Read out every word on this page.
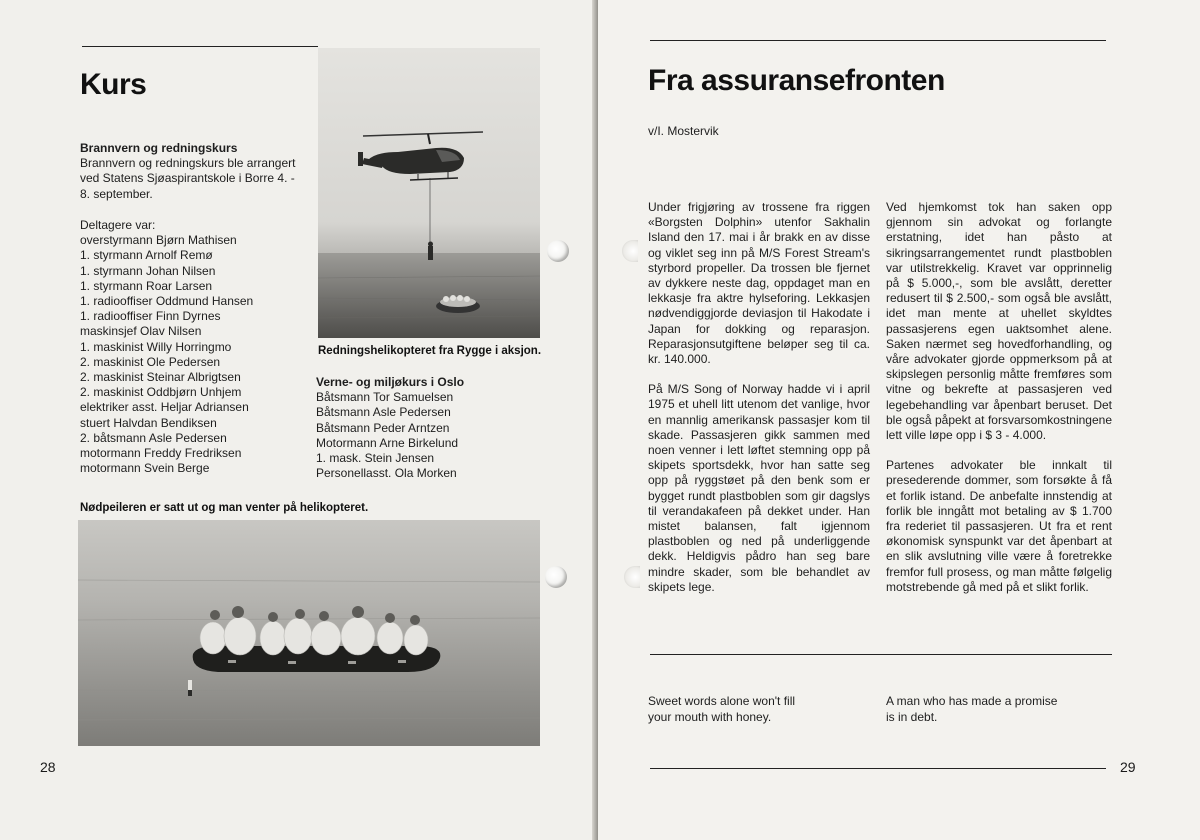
Kurs
Brannvern og redningskurs
Brannvern og redningskurs ble arrangert
ved Statens Sjøaspirantskole i Borre 4. -
8. september.
Deltagere var:
overstyrmann Bjørn Mathisen
1. styrmann Arnolf Remø
1. styrmann Johan Nilsen
1. styrmann Roar Larsen
1. radiooffiser Oddmund Hansen
1. radiooffiser Finn Dyrnes
maskinsjef Olav Nilsen
1. maskinist Willy Horringmo
2. maskinist Ole Pedersen
2. maskinist Steinar Albrigtsen
2. maskinist Oddbjørn Unhjem
elektriker asst. Heljar Adriansen
stuert Halvdan Bendiksen
2. båtsmann Asle Pedersen
motormann Freddy Fredriksen
motormann Svein Berge
Redningshelikopteret fra Rygge i aksjon.
Verne- og miljøkurs i Oslo
Båtsmann Tor Samuelsen
Båtsmann Asle Pedersen
Båtsmann Peder Arntzen
Motormann Arne Birkelund
1. mask. Stein Jensen
Personellasst. Ola Morken
Nødpeileren er satt ut og man venter på helikopteret.
28
Fra assuransefronten
v/I. Mostervik

Under frigjøring av trossene fra riggen «Borgsten Dolphin» utenfor Sakhalin Island den 17. mai i år brakk en av disse og viklet seg inn på M/S Forest Stream's styrbord propeller. Da trossen ble fjernet av dykkere neste dag, oppdaget man en lekkasje fra aktre hylseforing. Lekkasjen nødvendiggjorde deviasjon til Hakodate i Japan for dokking og reparasjon. Reparasjonsutgiftene beløper seg til ca. kr. 140.000.

På M/S Song of Norway hadde vi i april 1975 et uhell litt utenom det vanlige, hvor en mannlig amerikansk passasjer kom til skade. Passasjeren gikk sammen med noen venner i lett løftet stemning opp på skipets sportsdekk, hvor han satte seg opp på ryggstøet på den benk som er bygget rundt plastboblen som gir dagslys til verandakafeen på dekket under. Han mistet balansen, falt igjennom plastboblen og ned på underliggende dekk. Heldigvis pådro han seg bare mindre skader, som ble behandlet av skipets lege.

Ved hjemkomst tok han saken opp gjennom sin advokat og forlangte erstatning, idet han påsto at sikringsarrangementet rundt plastboblen var utilstrekkelig. Kravet var opprinnelig på $ 5.000,-, som ble avslått, deretter redusert til $ 2.500,- som også ble avslått, idet man mente at uhellet skyldtes passasjerens egen uaktsomhet alene. Saken nærmet seg hovedforhandling, og våre advokater gjorde oppmerksom på at skipslegen personlig måtte fremføres som vitne og bekrefte at passasjeren ved legebehandling var åpenbart beruset. Det ble også påpekt at forsvarsomkostningene lett ville løpe opp i $ 3 - 4.000.

Partenes advokater ble innkalt til presederende dommer, som forsøkte å få et forlik istand. De anbefalte innstendig at forlik ble inngått mot betaling av $ 1.700 fra rederiet til passasjeren. Ut fra et rent økonomisk synspunkt var det åpenbart at en slik avslutning ville være å foretrekke fremfor full prosess, og man måtte følgelig motstrebende gå med på et slikt forlik.

Sweet words alone won't fill
your mouth with honey.
A man who has made a promise
is in debt.
29
